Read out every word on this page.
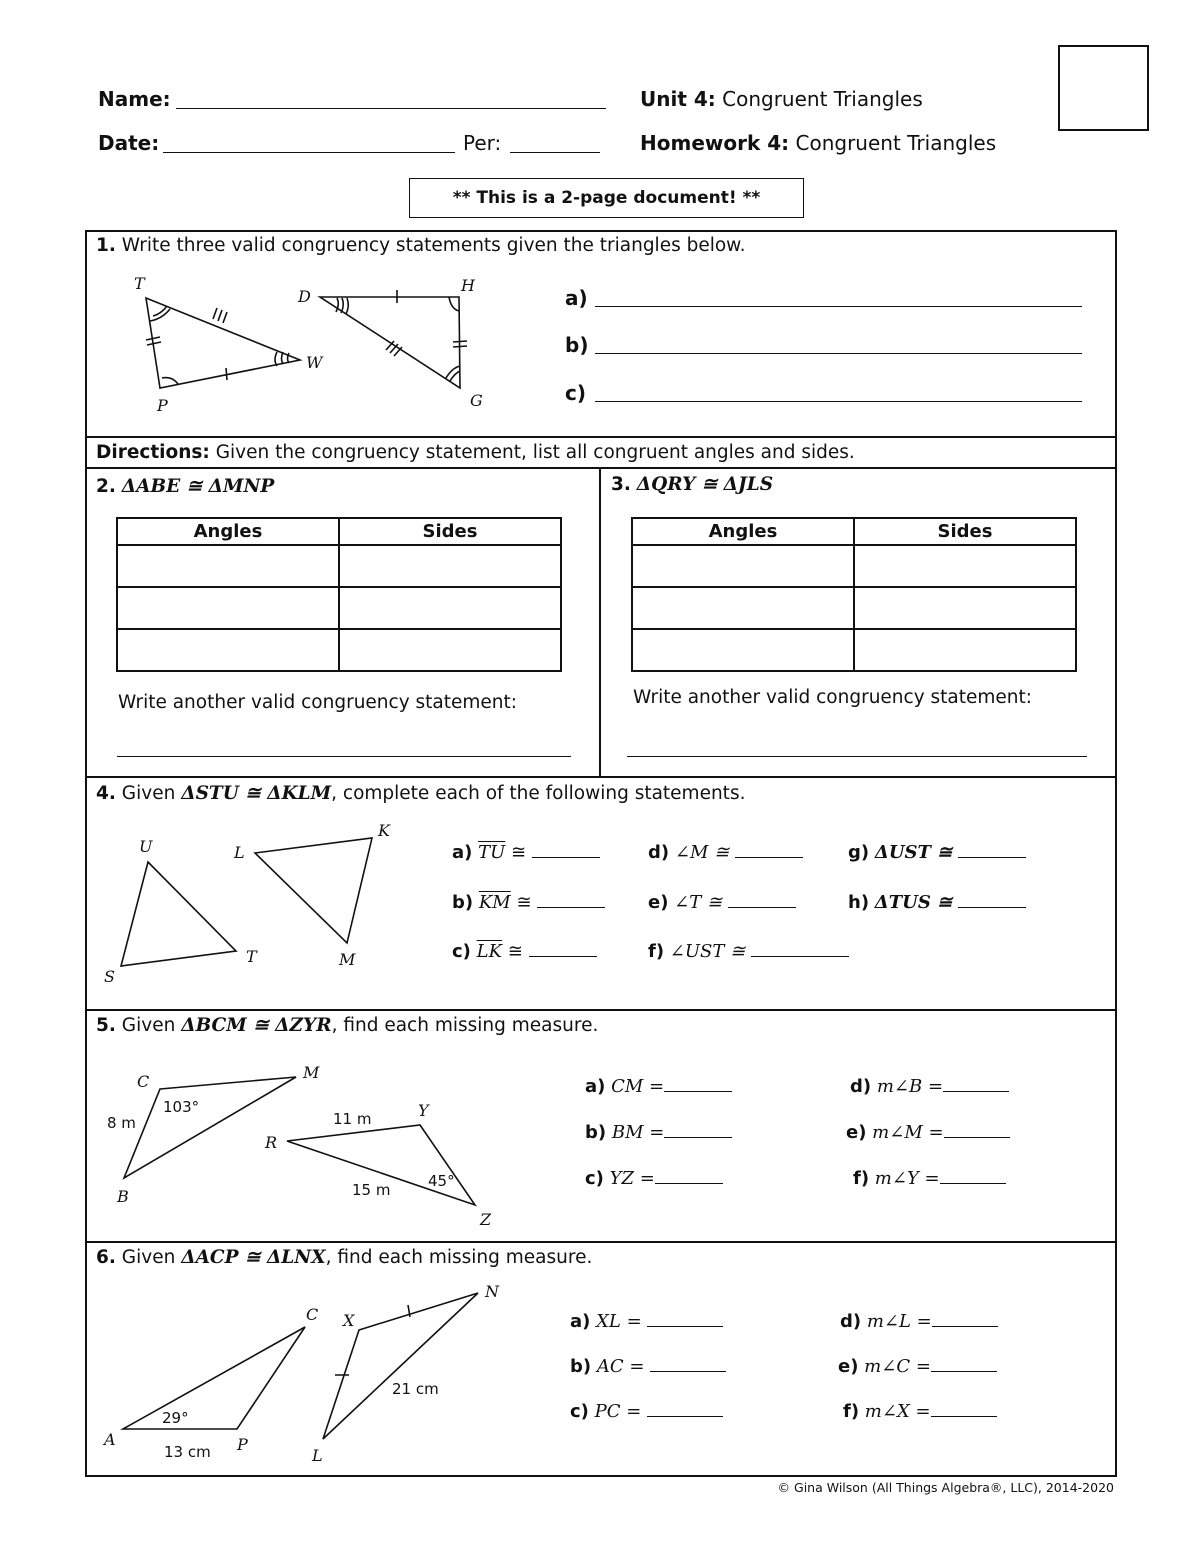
Name:
Date:	Per:
Unit 4: Congruent Triangles
Homework 4: Congruent Triangles
** This is a 2-page document! **
1. Write three valid congruency statements given the triangles below.
T
P
W
D
H
G
U
S
T
L
K
M
C	M
B
R
Y
Z
8 m
103°
11 m
15 m	45°
A	P
C X
N
L
29°
13 cm
21 cm
a)
b)
c)
Directions: Given the congruency statement, list all congruent angles and sides.
2. ΔABE ≅ ΔMNP
Angles	Sides

Write another valid congruency statement:
3. ΔQRY ≅ ΔJLS
Angles	Sides

Write another valid congruency statement:
4. Given ΔSTU ≅ ΔKLM, complete each of the following statements.
a) $\overline{TU}$ ≅
b) $\overline{KM}$ ≅
c) $\overline{LK}$ ≅
d) ∠M ≅
e) ∠T ≅
f) ∠UST ≅
g) ΔUST ≅
h) ΔTUS ≅
5. Given ΔBCM ≅ ΔZYR, find each missing measure.
a) CM =
b) BM =
c) YZ =
d) m∠B =
e) m∠M =
f) m∠Y =
6. Given ΔACP ≅ ΔLNX, find each missing measure.
a) XL =
b) AC =
c) PC =
d) m∠L =
e) m∠C =
f) m∠X =
© Gina Wilson (All Things Algebra®, LLC), 2014-2020
